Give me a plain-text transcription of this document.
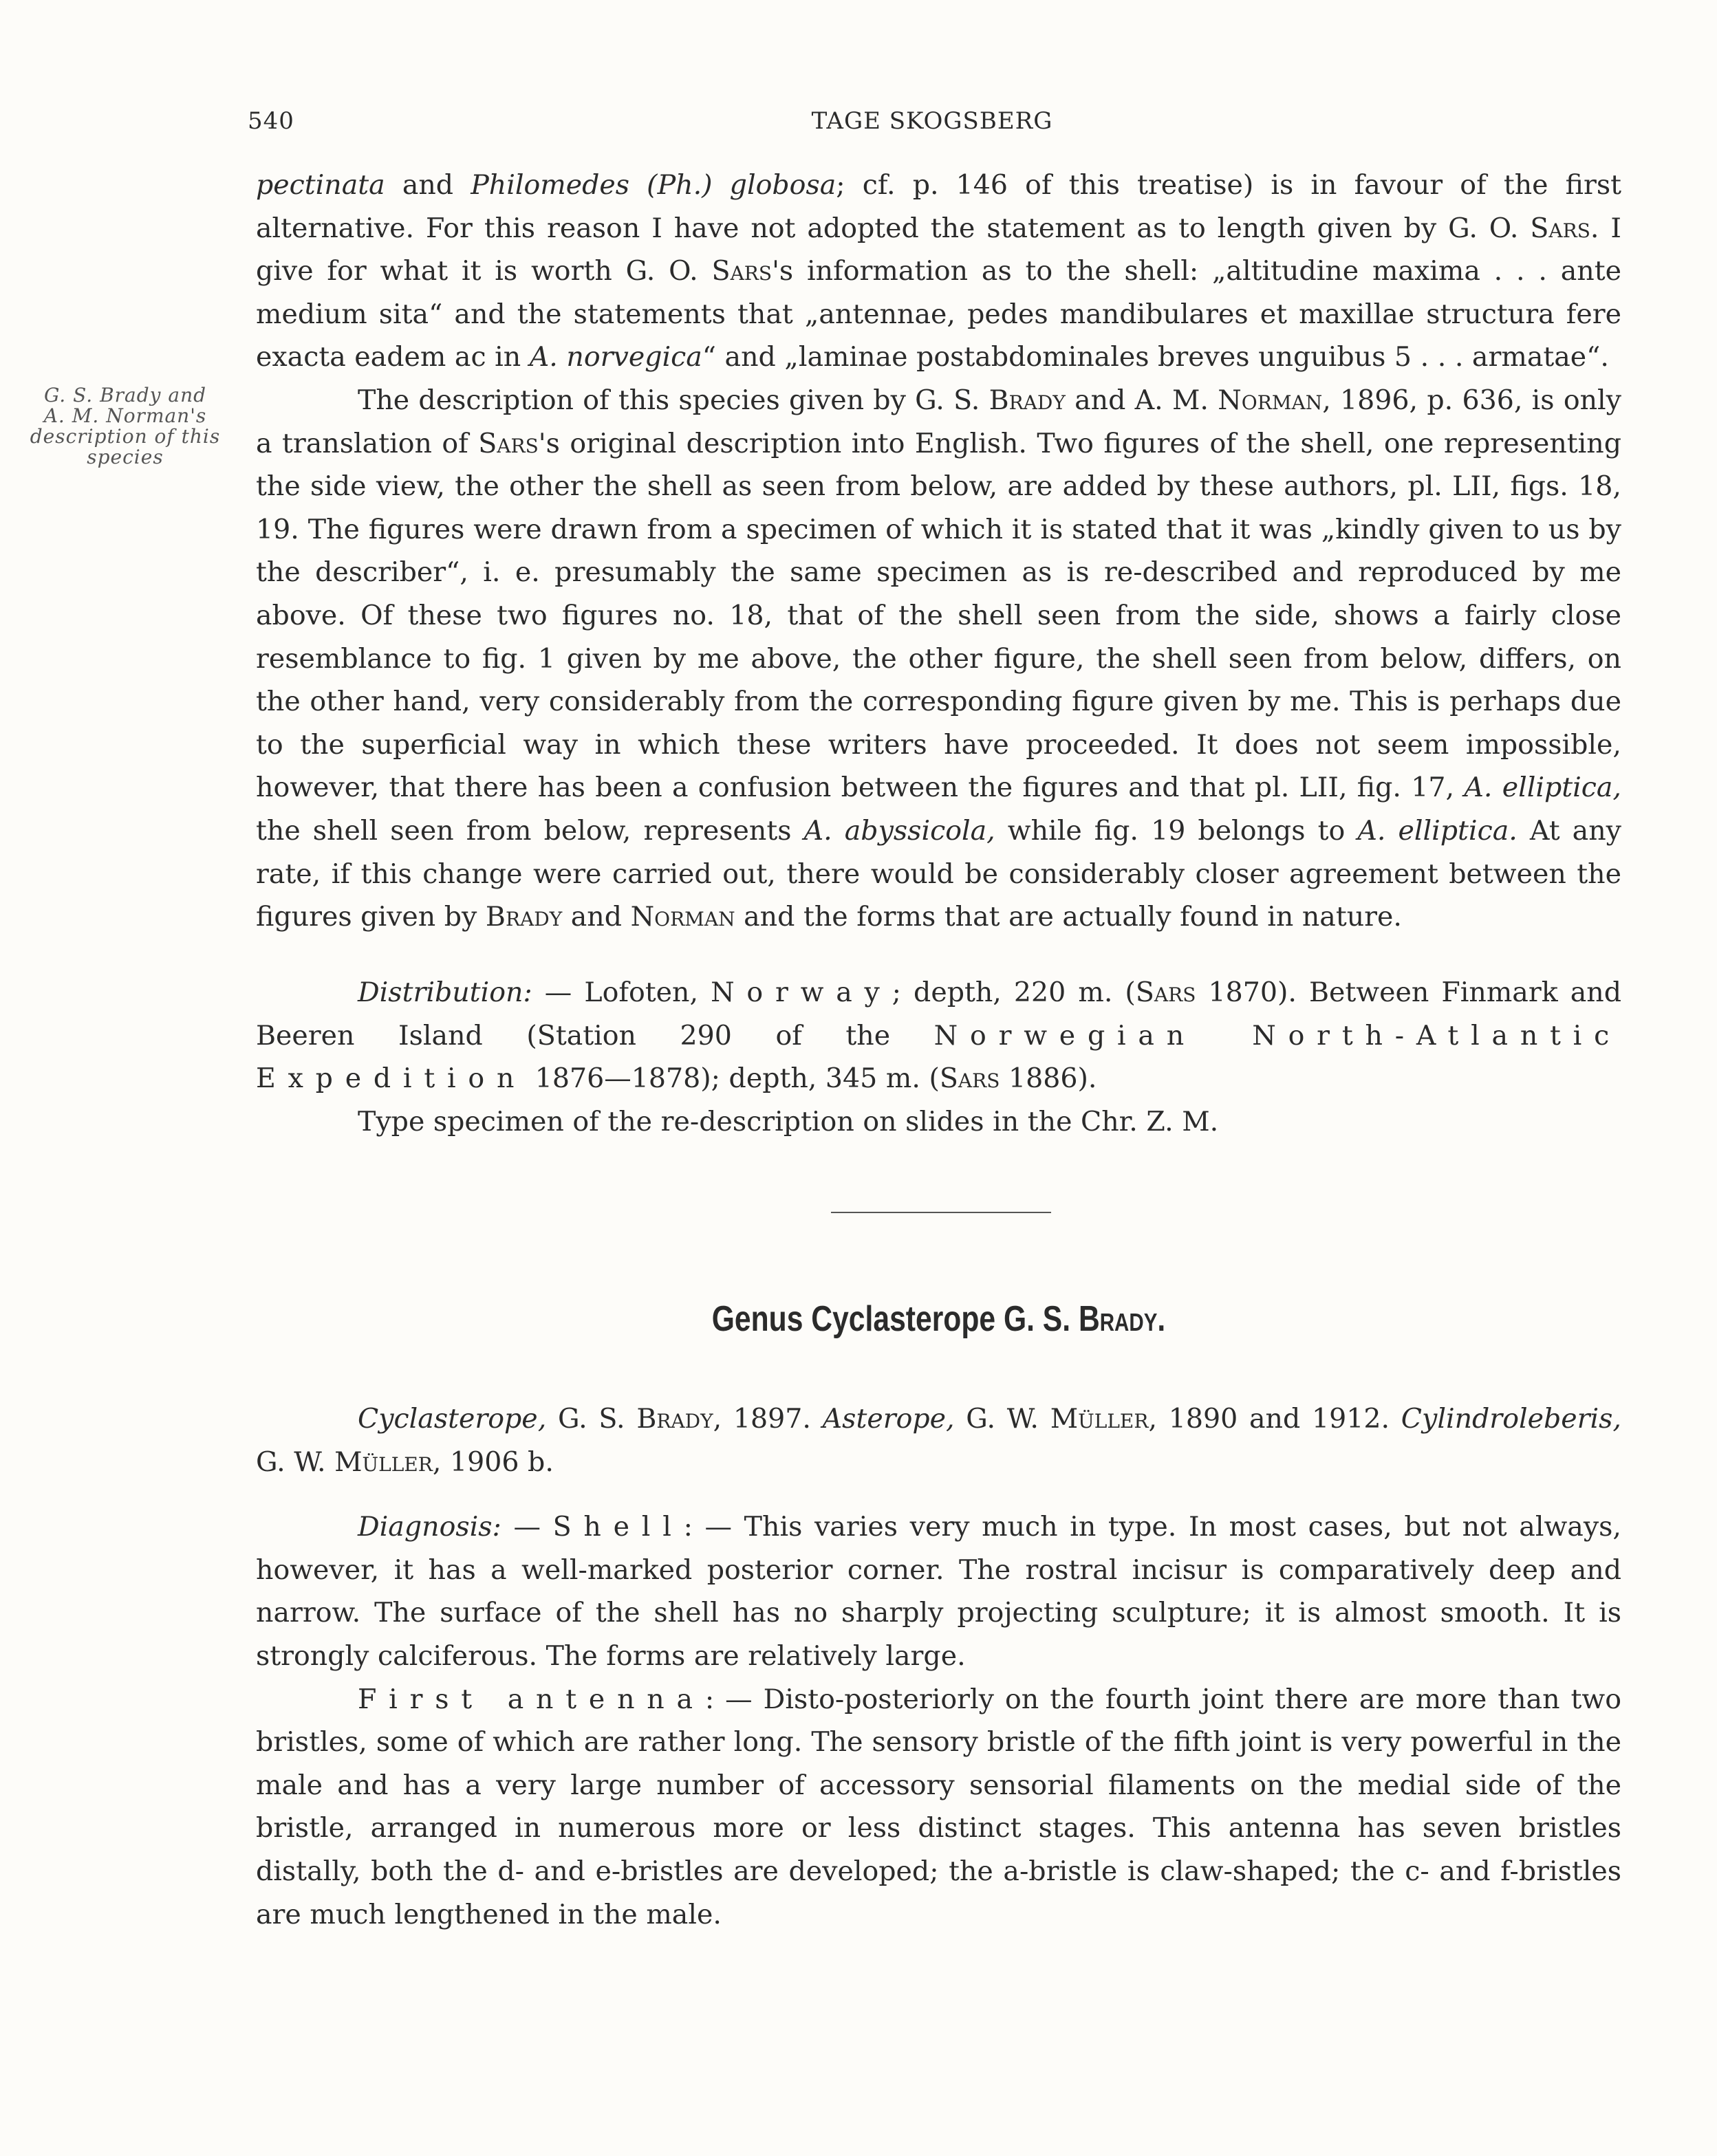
540	TAGE SKOGSBERG
G. S. Brady and
A. M. Norman's
description of this
species

pectinata and Philomedes (Ph.) globosa; cf. p. 146 of this treatise) is in favour of the first alternative. For this reason I have not adopted the statement as to length given by G. O. Sars. I give for what it is worth G. O. Sars's information as to the shell: „altitudine maxima . . . ante medium sita“ and the statements that „antennae, pedes mandibulares et maxillae structura fere exacta eadem ac in A. norvegica“ and „laminae postabdominales breves unguibus 5 . . . armatae“.

The description of this species given by G. S. Brady and A. M. Norman, 1896, p. 636, is only a translation of Sars's original description into English. Two figures of the shell, one representing the side view, the other the shell as seen from below, are added by these authors, pl. LII, figs. 18, 19. The figures were drawn from a specimen of which it is stated that it was „kindly given to us by the describer“, i. e. presumably the same specimen as is re-described and reproduced by me above. Of these two figures no. 18, that of the shell seen from the side, shows a fairly close resemblance to fig. 1 given by me above, the other figure, the shell seen from below, differs, on the other hand, very considerably from the corresponding figure given by me. This is perhaps due to the superficial way in which these writers have proceeded. It does not seem impossible, however, that there has been a confusion between the figures and that pl. LII, fig. 17, A. elliptica, the shell seen from below, represents A. abyssicola, while fig. 19 belongs to A. elliptica. At any rate, if this change were carried out, there would be considerably closer agreement between the figures given by Brady and Norman and the forms that are actually found in nature.

Distribution: — Lofoten, Norway; depth, 220 m. (Sars 1870). Between Finmark and Beeren Island (Station 290 of the Norwegian North-Atlantic Expedition 1876—1878); depth, 345 m. (Sars 1886).

Type specimen of the re-description on slides in the Chr. Z. M.

Genus Cyclasterope G. S. Brady.

Cyclasterope, G. S. Brady, 1897. Asterope, G. W. Müller, 1890 and 1912. Cylindroleberis, G. W. Müller, 1906 b.

Diagnosis: — Shell: — This varies very much in type. In most cases, but not always, however, it has a well-marked posterior corner. The rostral incisur is comparatively deep and narrow. The surface of the shell has no sharply projecting sculpture; it is almost smooth. It is strongly calciferous. The forms are relatively large.

First antenna: — Disto-posteriorly on the fourth joint there are more than two bristles, some of which are rather long. The sensory bristle of the fifth joint is very powerful in the male and has a very large number of accessory sensorial filaments on the medial side of the bristle, arranged in numerous more or less distinct stages. This antenna has seven bristles distally, both the d- and e-bristles are developed; the a-bristle is claw-shaped; the c- and f-bristles are much lengthened in the male.
